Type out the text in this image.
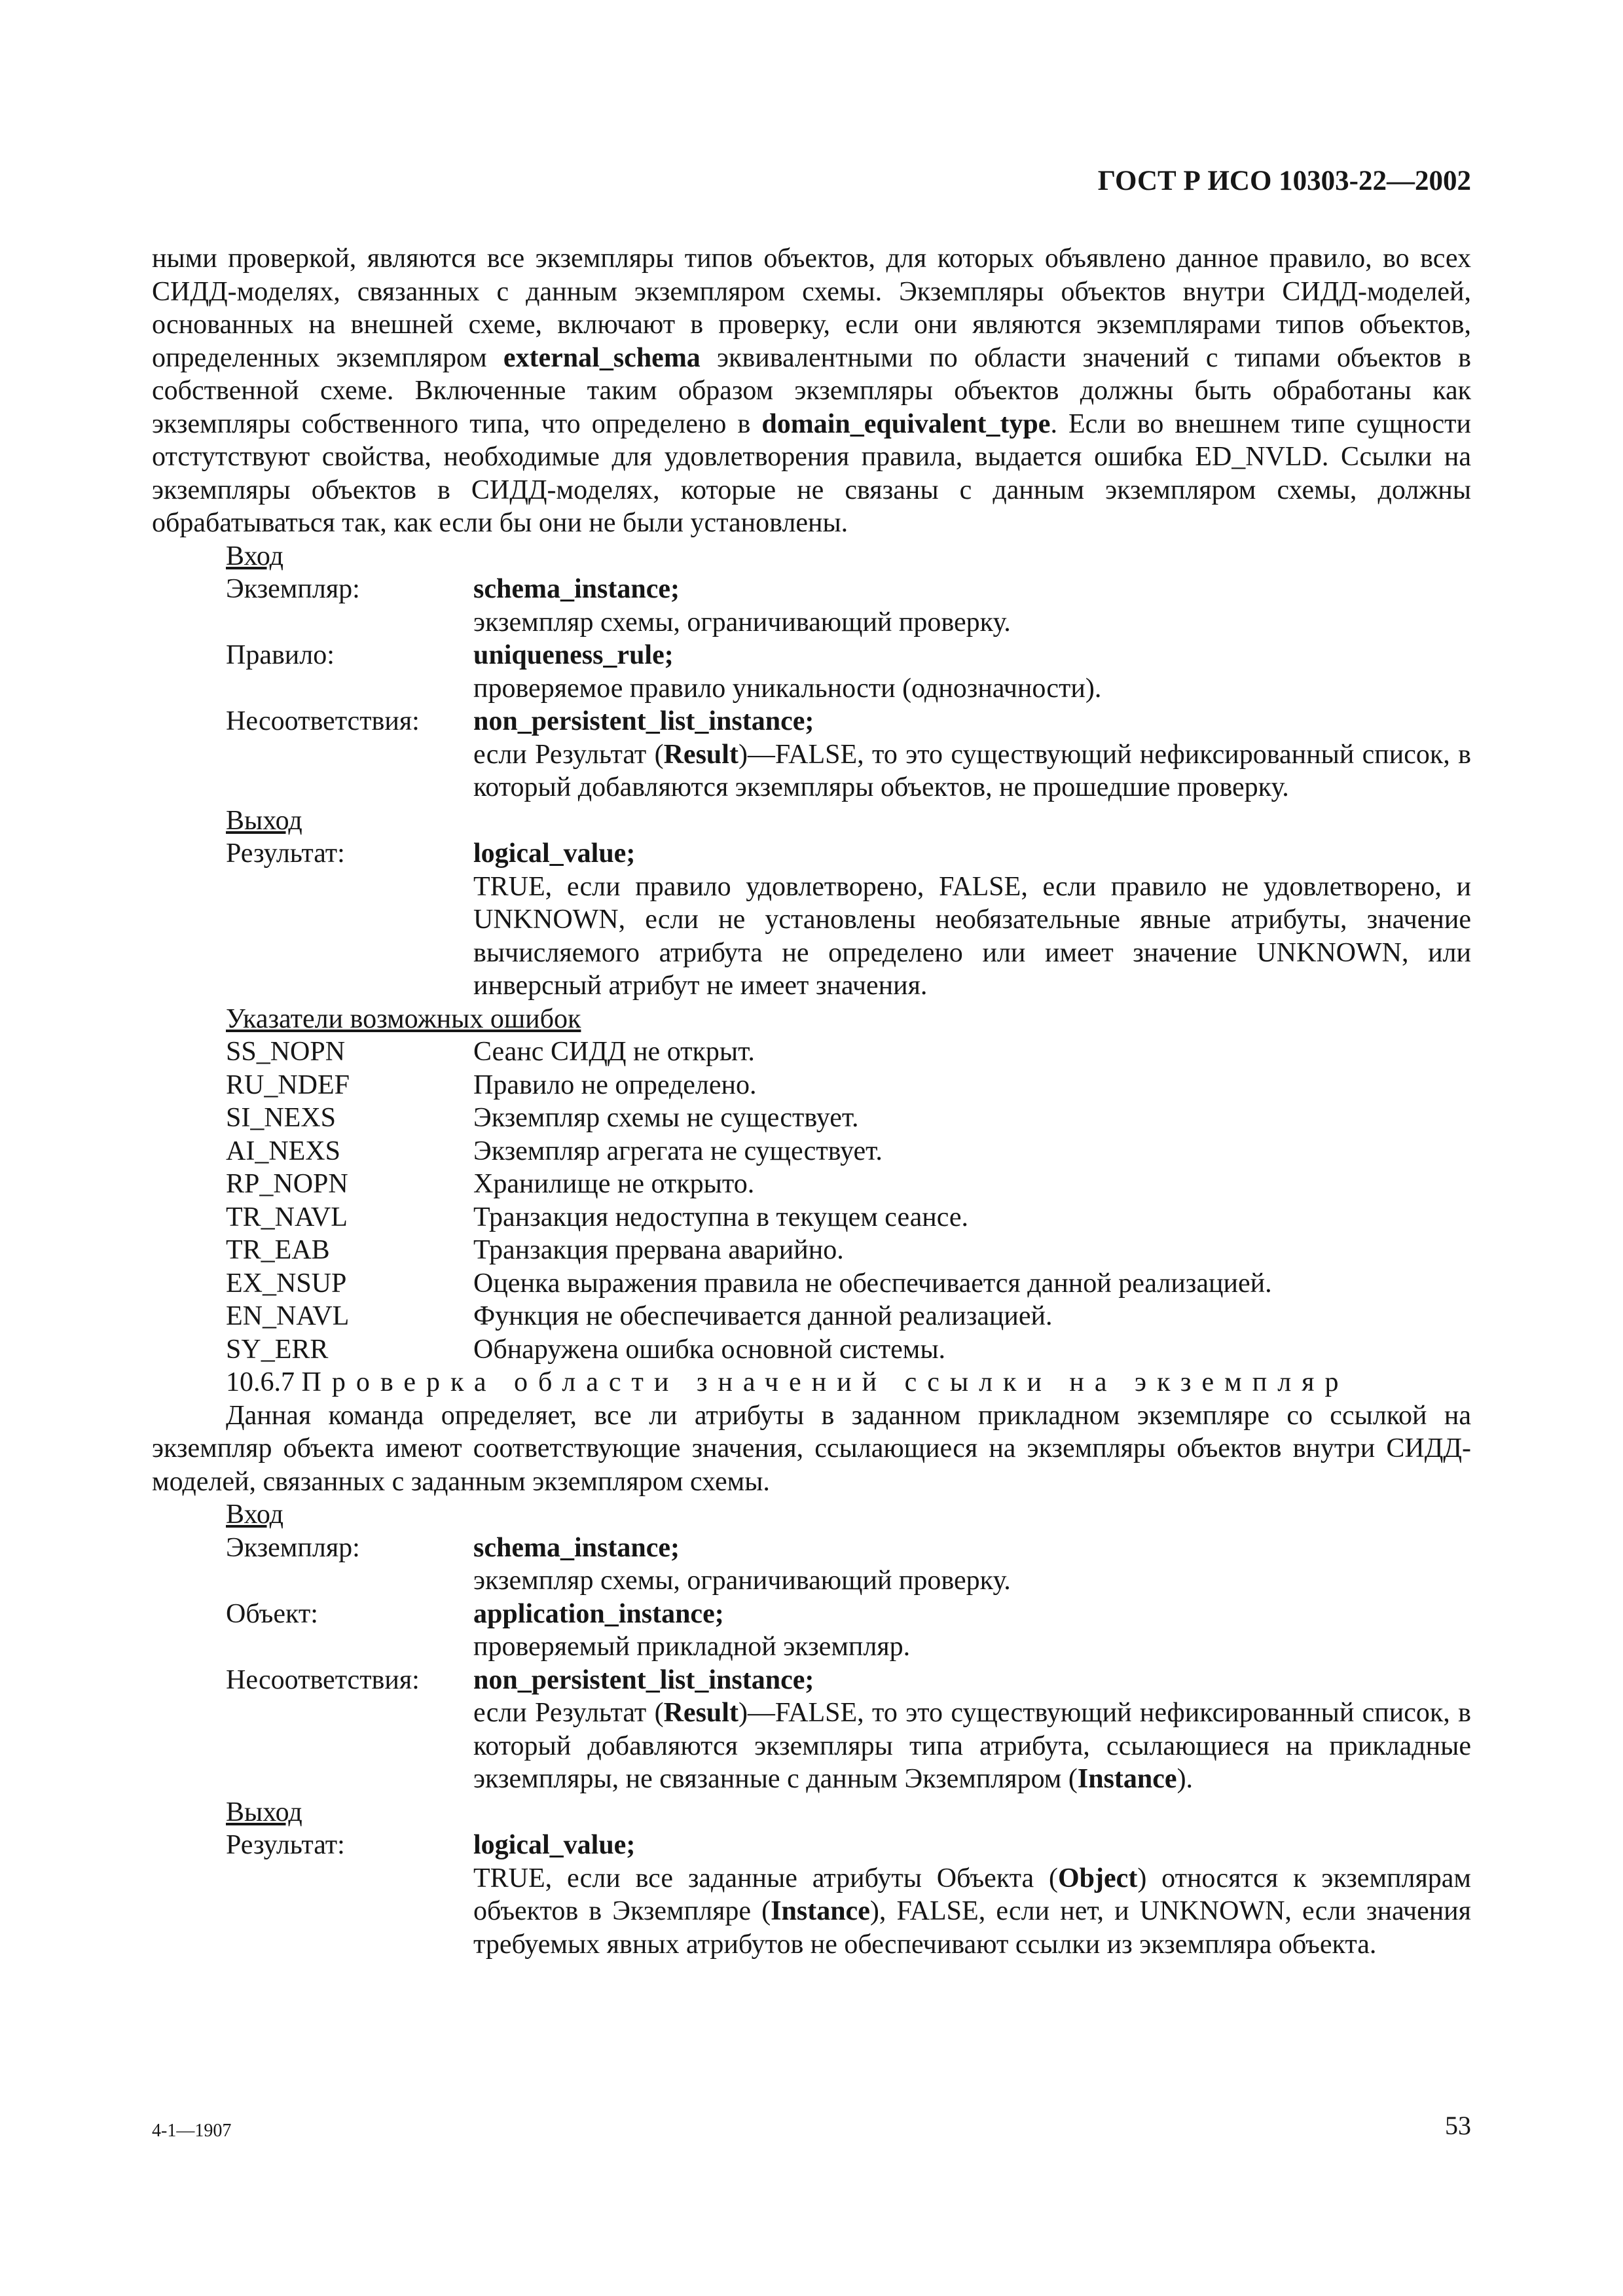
ГОСТ Р ИСО 10303-22—2002

ными проверкой, являются все экземпляры типов объектов, для которых объявлено данное правило, во всех СИДД-моделях, связанных с данным экземпляром схемы. Экземпляры объектов внутри СИДД-моделей, основанных на внешней схеме, включают в проверку, если они являются экземплярами типов объектов, определенных экземпляром external_schema эквивалентными по области значений с типами объектов в собственной схеме. Включенные таким образом экземпляры объектов должны быть обработаны как экземпляры собственного типа, что определено в domain_equivalent_type. Если во внешнем типе сущности отстутствуют свойства, необходимые для удовлетворения правила, выдается ошибка ED_NVLD. Ссылки на экземпляры объектов в СИДД-моделях, которые не связаны с данным экземпляром схемы, должны обрабатываться так, как если бы они не были установлены.

Вход
Экземпляр:	schema_instance;
экземпляр схемы, ограничивающий проверку.
Правило:	uniqueness_rule;
проверяемое правило уникальности (однозначности).
Несоответствия:	non_persistent_list_instance;
если Результат (Result)—FALSE, то это существующий нефиксированный список, в который добавляются экземпляры объектов, не прошедшие проверку.
Выход
Результат:	logical_value;
TRUE, если правило удовлетворено, FALSE, если правило не удовлетворено, и UNKNOWN, если не установлены необязательные явные атрибуты, значение вычисляемого атрибута не определено или имеет значение UNKNOWN, или инверсный атрибут не имеет значения.
Указатели возможных ошибок
SS_NOPN	Сеанс СИДД не открыт.
RU_NDEF	Правило не определено.
SI_NEXS	Экземпляр схемы не существует.
AI_NEXS	Экземпляр агрегата не существует.
RP_NOPN	Хранилище не открыто.
TR_NAVL	Транзакция недоступна в текущем сеансе.
TR_EAB	Транзакция прервана аварийно.
EX_NSUP	Оценка выражения правила не обеспечивается данной реализацией.
EN_NAVL	Функция не обеспечивается данной реализацией.
SY_ERR	Обнаружена ошибка основной системы.
10.6.7 Проверка области значений ссылки на экземпляр

Данная команда определяет, все ли атрибуты в заданном прикладном экземпляре со ссылкой на экземпляр объекта имеют соответствующие значения, ссылающиеся на экземпляры объектов внутри СИДД-моделей, связанных с заданным экземпляром схемы.

Вход
Экземпляр:	schema_instance;
экземпляр схемы, ограничивающий проверку.
Объект:	application_instance;
проверяемый прикладной экземпляр.
Несоответствия:	non_persistent_list_instance;
если Результат (Result)—FALSE, то это существующий нефиксированный список, в который добавляются экземпляры типа атрибута, ссылающиеся на прикладные экземпляры, не связанные с данным Экземпляром (Instance).
Выход
Результат:	logical_value;
TRUE, если все заданные атрибуты Объекта (Object) относятся к экземплярам объектов в Экземпляре (Instance), FALSE, если нет, и UNKNOWN, если значения требуемых явных атрибутов не обеспечивают ссылки из экземпляра объекта.
4-1—1907	53
